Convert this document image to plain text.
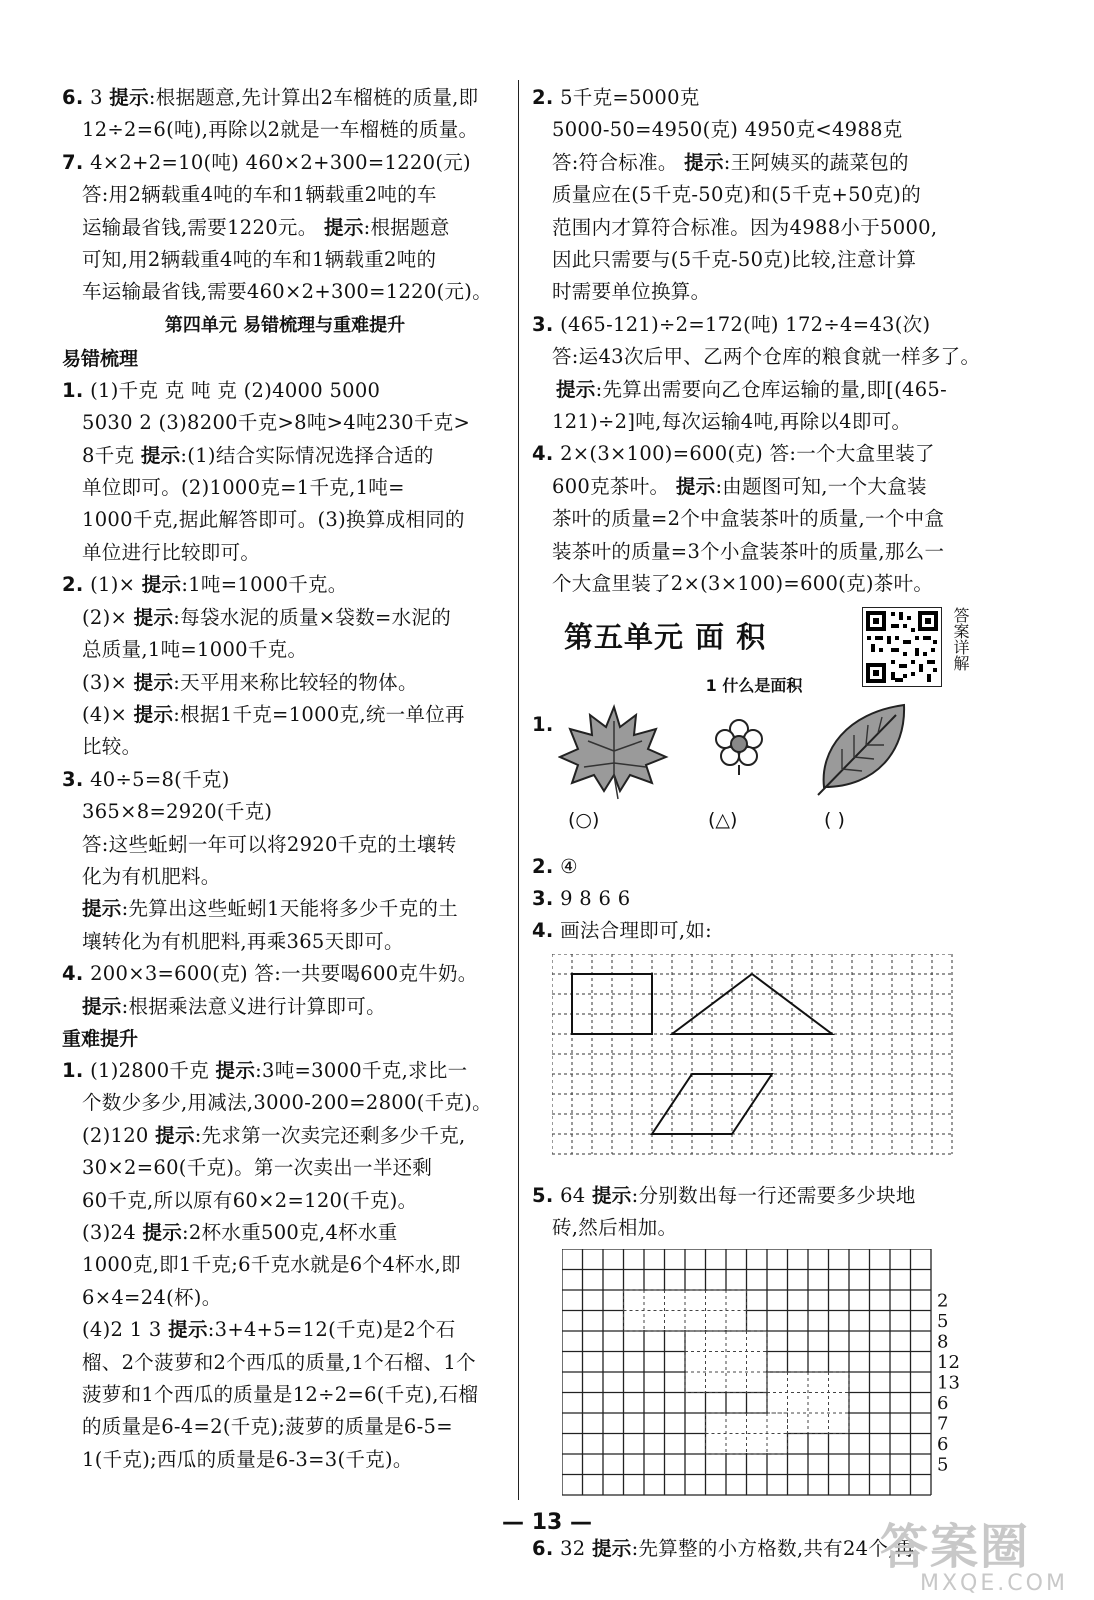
6. 3 提示:根据题意,先计算出2车榴梿的质量,即
12÷2=6(吨),再除以2就是一车榴梿的质量。
7. 4×2+2=10(吨) 460×2+300=1220(元)
答:用2辆载重4吨的车和1辆载重2吨的车
运输最省钱,需要1220元。 提示:根据题意
可知,用2辆载重4吨的车和1辆载重2吨的
车运输最省钱,需要460×2+300=1220(元)。
第四单元 易错梳理与重难提升
易错梳理
1. (1)千克 克 吨 克 (2)4000 5000
5030 2 (3)8200千克>8吨>4吨230千克>
8千克 提示:(1)结合实际情况选择合适的
单位即可。(2)1000克=1千克,1吨=
1000千克,据此解答即可。(3)换算成相同的
单位进行比较即可。
2. (1)× 提示:1吨=1000千克。
(2)× 提示:每袋水泥的质量×袋数=水泥的
总质量,1吨=1000千克。
(3)× 提示:天平用来称比较轻的物体。
(4)× 提示:根据1千克=1000克,统一单位再
比较。
3. 40÷5=8(千克)
365×8=2920(千克)
答:这些蚯蚓一年可以将2920千克的土壤转
化为有机肥料。
提示:先算出这些蚯蚓1天能将多少千克的土
壤转化为有机肥料,再乘365天即可。
4. 200×3=600(克) 答:一共要喝600克牛奶。
提示:根据乘法意义进行计算即可。
重难提升
1. (1)2800千克 提示:3吨=3000千克,求比一
个数少多少,用减法,3000-200=2800(千克)。
(2)120 提示:先求第一次卖完还剩多少千克,
30×2=60(千克)。第一次卖出一半还剩
60千克,所以原有60×2=120(千克)。
(3)24 提示:2杯水重500克,4杯水重
1000克,即1千克;6千克水就是6个4杯水,即
6×4=24(杯)。
(4)2 1 3 提示:3+4+5=12(千克)是2个石
榴、2个菠萝和2个西瓜的质量,1个石榴、1个
菠萝和1个西瓜的质量是12÷2=6(千克),石榴
的质量是6-4=2(千克);菠萝的质量是6-5=
1(千克);西瓜的质量是6-3=3(千克)。
2. 5千克=5000克
5000-50=4950(克) 4950克<4988克
答:符合标准。 提示:王阿姨买的蔬菜包的
质量应在(5千克-50克)和(5千克+50克)的
范围内才算符合标准。因为4988小于5000,
因此只需要与(5千克-50克)比较,注意计算
时需要单位换算。
3. (465-121)÷2=172(吨) 172÷4=43(次)
答:运43次后甲、乙两个仓库的粮食就一样多了。
提示:先算出需要向乙仓库运输的量,即[(465-
121)÷2]吨,每次运输4吨,再除以4即可。
4. 2×(3×100)=600(克) 答:一个大盒里装了
600克茶叶。 提示:由题图可知,一个大盒装
茶叶的质量=2个中盒装茶叶的质量,一个中盒
装茶叶的质量=3个小盒装茶叶的质量,那么一
个大盒里装了2×(3×100)=600(克)茶叶。
第五单元 面 积	答案详解
1 什么是面积
1.
(○)	(△)	( )
2. ④
3. 9 8 6 6
4. 画法合理即可,如:
5. 64 提示:分别数出每一行还需要多少块地
砖,然后相加。
2
5
8
12
13
6
7
6
5
6. 32 提示:先算整的小方格数,共有24个,再
— 13 —	答案圈
MXQE.COM
